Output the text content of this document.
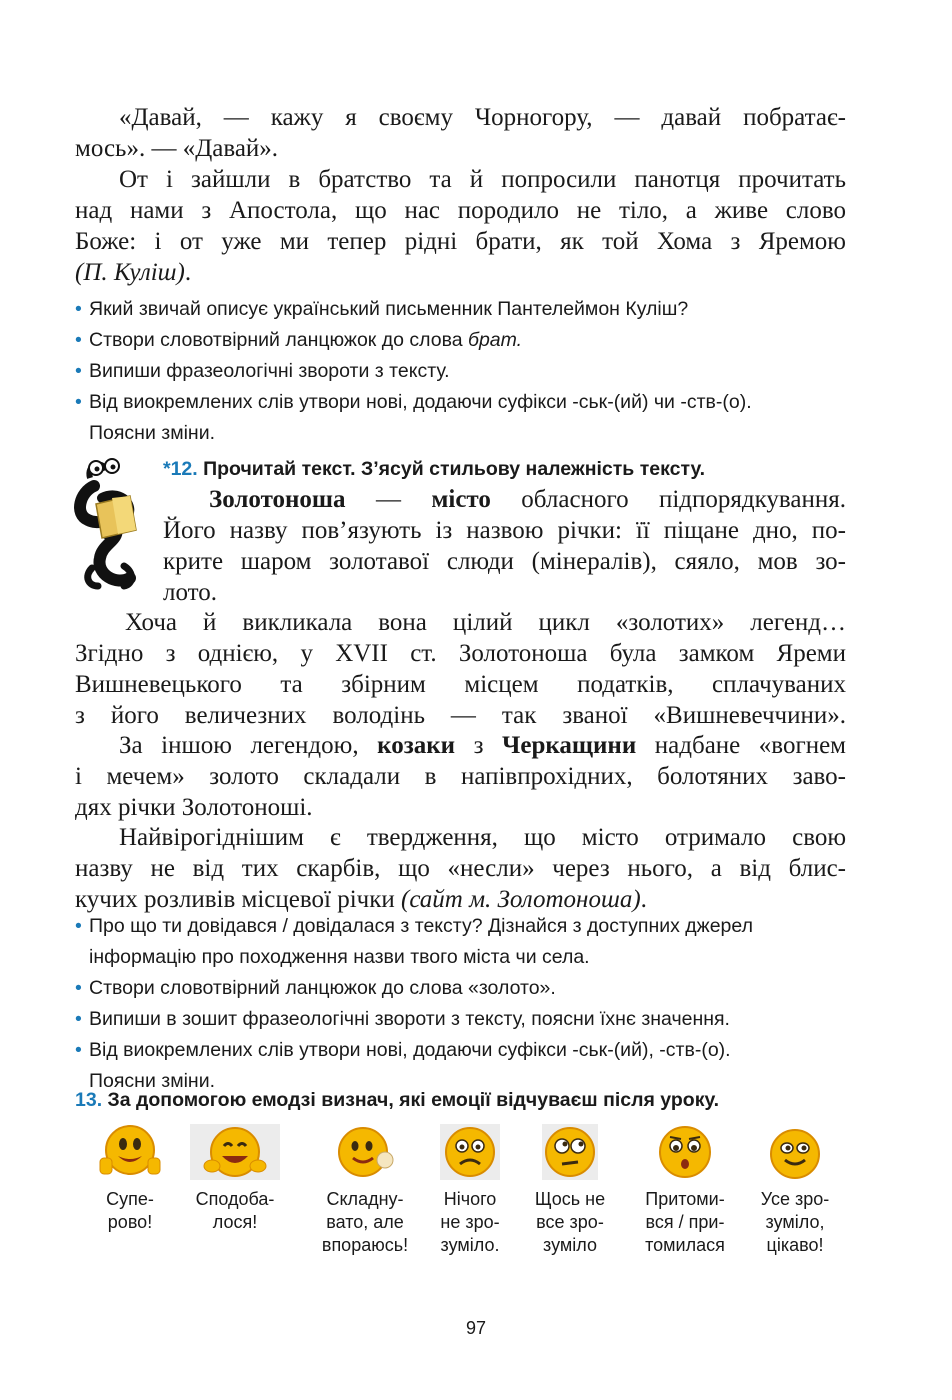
«Давай, — кажу я своєму Чорногору, — давай побратає-
мось». — «Давай».
От і зайшли в братство та й попросили панотця прочитать
над нами з Апостола, що нас породило не тіло, а живе слово
Боже: і от уже ми тепер рідні брати, як той Хома з Яремою
(П. Куліш).

• Який звичай описує український письменник Пантелеймон Куліш?

• Створи словотвірний ланцюжок до слова брат.

• Випиши фразеологічні звороти з тексту.

• Від виокремлених слів утвори нові, додаючи суфікси -ськ-(ий) чи -ств-(о).
Поясни зміни.

*12. Прочитай текст. З’ясуй стильову належність тексту.
Золотоноша — місто обласного підпорядкування.
Його назву пов’язують із назвою річки: її піщане дно, по-
крите шаром золотавої слюди (мінералів), сяяло, мов зо-
лото.
Хоча й викликала вона цілий цикл «золотих» легенд…
Згідно з однією, у XVII ст. Золотоноша була замком Яреми
Вишневецького та збірним місцем податків, сплачуваних
з його величезних володінь — так званої «Вишневеччини».
За іншою легендою, козаки з Черкащини надбане «вогнем
і мечем» золото складали в напівпрохідних, болотяних заво-
дях річки Золотоноші.
Найвірогіднішим є твердження, що місто отримало свою
назву не від тих скарбів, що «несли» через нього, а від блис-
кучих розливів місцевої річки (сайт м. Золотоноша).

• Про що ти довідався / довідалася з тексту? Дізнайся з доступних джерел
інформацію про походження назви твого міста чи села.

• Створи словотвірний ланцюжок до слова «золото».

• Випиши в зошит фразеологічні звороти з тексту, поясни їхнє значення.

• Від виокремлених слів утвори нові, додаючи суфікси -ськ-(ий), -ств-(о).
Поясни зміни.

13. За допомогою емодзі визнач, які емоції відчуваєш після уроку.
Супе-
рово!
Сподоба-
лося!
Складну-
вато, але
впораюсь!
Нічого
не зро-
зуміло.
Щось не
все зро-
зуміло
Притоми-
вся / при-
томилася
Усе зро-
зуміло,
цікаво!
97
